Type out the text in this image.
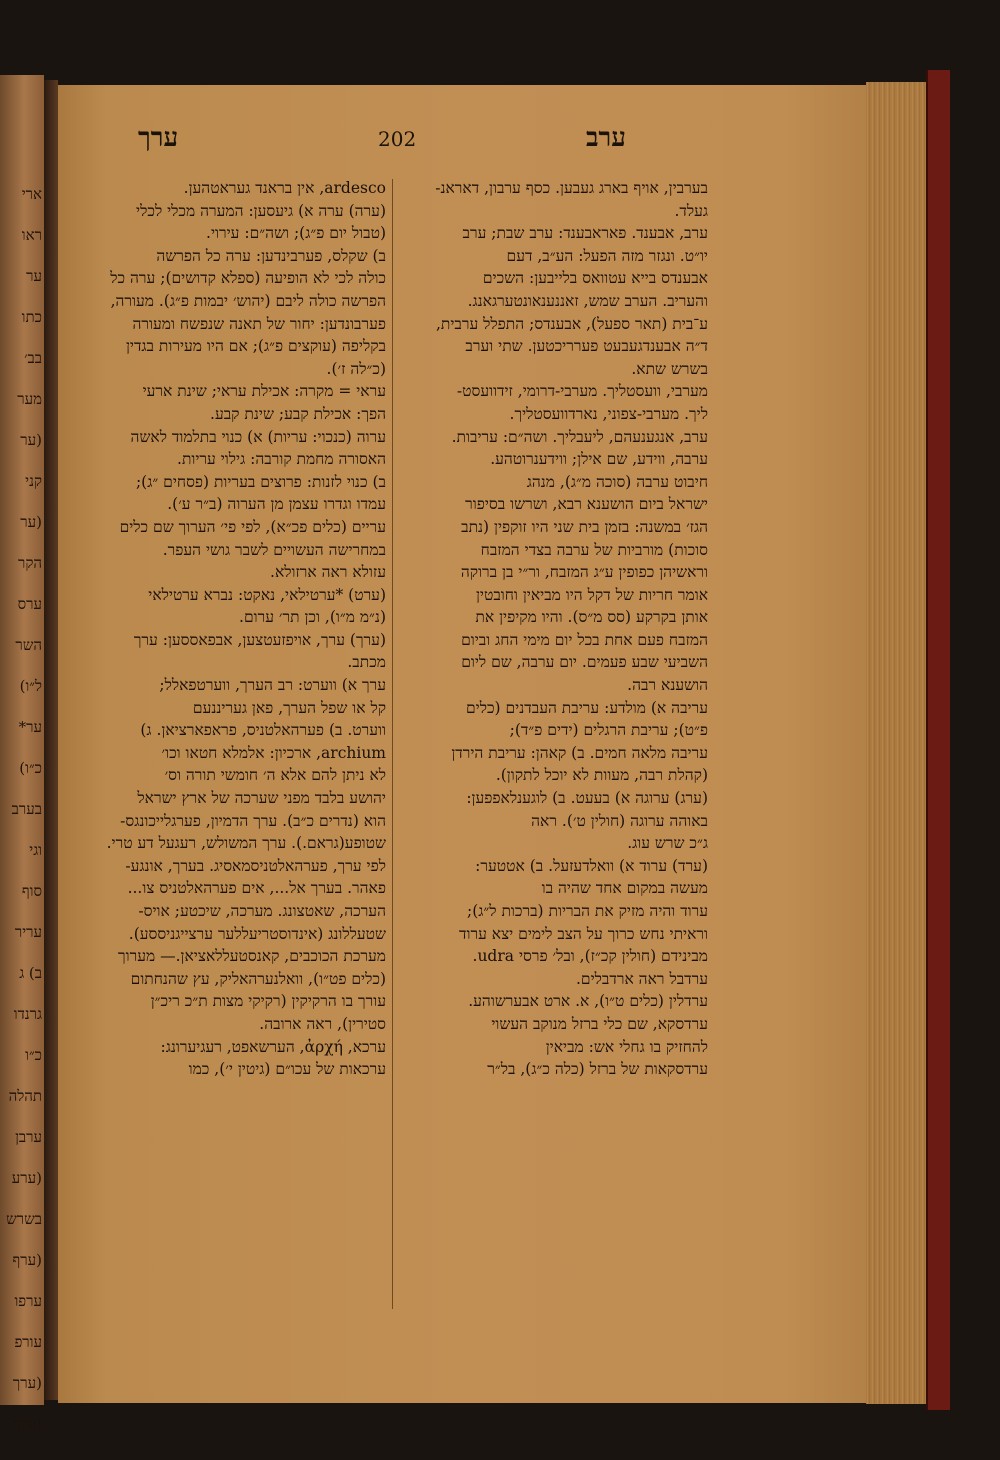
ארי
ראו
ער
כתו
בב׳
מער
(ער
קני
(ער
הקר
ערס
השר
ל״ו)
ער*
כ״ו)
בערב
וגי
סוף
עריר
ב) ג
גרנדו
כ״ו
תהלה
ערבן
(ערע
בשרש
(ערף
ערפו
עורפ
(ערך
(ערך
ערב
202
ערך
בערבין, אויף בארג געבען. כסף ערבון, דאראנ-
געלד.
ערב, אבענד. פאראבענד: ערב שבת; ערב
יו״ט. ונגזר מזה הפעל: הע״ב, דעם
אבענדס בייא עטוואס בלייבען: השכים
והעריב. הערב שמש, זאננענאונטערגאנג.
ע־בית (תאר ספעל), אבענדס; התפלל ערבית,
ד״ה אבענדגעבעט פערריכטען. שתי וערב
בשרש שתא.
מערבי, וועסטליך. מערבי-דרומי, זידוועסט-
ליך. מערבי-צפוני, נארדוועסטליך.
ערב, אנגענעהם, ליעבליך. ושה״ם: עריבות.
ערבה, ווידע, שם אילן; ווידענרוטהע.
חיבוט ערבה (סוכה מ״ג), מנהג
ישראל ביום הושענא רבא, ושרשו בסיפור
הגז׳ במשנה: בזמן בית שני היו זוקפין (נתב
סוכות) מורביות של ערבה בצדי המזבח
וראשיהן כפופין ע״ג המזבח, ור״י בן ברוקה
אומר חריות של דקל היו מביאין וחובטין
אותן בקרקע (סס מ״ס). והיו מקיפין את
המזבח פעם אחת בכל יום מימי החג וביום
השביעי שבע פעמים. יום ערבה, שם ליום
הושענא רבה.
עריבה א) מולדע: עריבת העבדנים (כלים
פ״ט); עריבת הרגלים (ידים פ״ד);
עריבה מלאה חמים. ב) קאהן: עריבת הירדן
(קהלת רבה, מעוות לא יוכל לתקון).
(ערג) ערוגה א) בעעט. ב) לוגענלאפפען:
באוהה ערוגה (חולין ט׳). ראה
ג״כ שרש עוג.
(ערד) ערוד א) וואלדעזעל. ב) אטטער:
מעשה במקום אחד שהיה בו
ערוד והיה מזיק את הבריות (ברכות ל״ג);
וראיתי נחש כרוך על הצב לימים יצא ערוד
מבינידם (חולין קכ״ז), ובל׳ פרסי udra.
ערדבל ראה ארדבלים.
ערדלין (כלים ט״ו), א. ארט אבערשוהע.
ערדסקא, שם כלי ברזל מנוקב העשוי
להחזיק בו גחלי אש: מביאין
ערדסקאות של ברזל (כלה כ״ג), בל״ר
ardesco, אין בראנד געראטהען.
(ערה) ערה א) גיעסען: המערה מכלי לכלי
(טבול יום פ״ג); ושה״ם: עירוי.
ב) שקלס, פערבינדען: ערה כל הפרשה
כולה לכי לא הופיעה (ספלא קדושים); ערה כל
הפרשה כולה ליבם (יהוש׳ יבמות פ״ג). מעורה,
פערבונדען: יחור של תאנה שנפשח ומעורה
בקליפה (עוקצים פ״ג); אם היו מעירות בגדין
(כ״לה ז׳).
עראי = מקרה: אכילת עראי; שינת ארעי
הפך: אכילת קבע; שינת קבע.
ערוה (כנכוי: עריות) א) כנוי בתלמוד לאשה
האסורה מחמת קורבה: גילוי עריות.
ב) כנוי לזנות: פרוצים בעריות (פסחים ״ג);
עמדו וגדרו עצמן מן הערוה (ב״ר ע׳).
עריים (כלים פכ״א), לפי פי׳ הערוך שם כלים
במחרישה העשויים לשבר גושי העפר.
עזולא ראה ארזולא.
(ערט) *ערטילאי, נאקט: נברא ערטילאי
(נ״מ מ״ו), וכן תר׳ ערום.
(ערך) ערך, אויפזעטצען, אבפאססען: ערך
מכתב.
ערך א) ווערט: רב הערך, ווערטפאלל;
קל או שפל הערך, פאן געריננעם
ווערט. ב) פערהאלטניס, פראפארציאן. ג)
archium, ארכיון: אלמלא חטאו וכו׳
לא ניתן להם אלא ה׳ חומשי תורה וס׳
יהושע בלבד מפני שערכה של ארץ ישראל
הוא (נדרים כ״ב). ערך הדמיון, פערגלייכונגס-
שטופע(גראם.). ערך המשולש, רעגעל דע טרי.
לפי ערך, פערהאלטניסמאסיג. בערך, אונגע-
פאהר. בערך אל..., אים פערהאלטניס צו...
הערכה, שאטצונג. מערכה, שיכטע; אויס-
שטעללונג (אינדוסטריעללער ערצייגניססע).
מערכת הכוכבים, קאנסטעללאציאן.— מערוך
(כלים פט״ו), וואלנערהאליק, עץ שהנחתום
עורך בו הרקיקין (רקיקי מצות ת״כ ריכ״ן
סטירין), ראה ארובה.
ערכא, ἀρχή, הערשאפט, רעגיערונג:
ערכאות של עכו״ם (גיטין י׳), כמו
